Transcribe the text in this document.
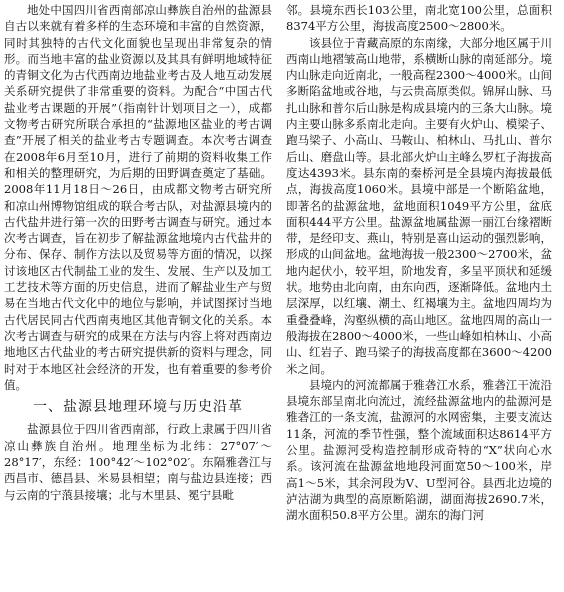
地处中国四川省西南部凉山彝族自治州的盐源县自古以来就有着多样的生态环境和丰富的自然资源，同时其独特的古代文化面貌也呈现出非常复杂的情形。而当地丰富的盐业资源以及其具有鲜明地域特征的青铜文化为古代西南边地盐业考古及人地互动发展关系研究提供了非常重要的资料。为配合“中国古代盐业考古课题的开展”（指南针计划项目之一），成都文物考古研究所联合承担的“盐源地区盐业的考古调查”开展了相关的盐业考古专题调查。本次考古调查在2008年6月至10月，进行了前期的资料收集工作和相关的整理研究，为后期的田野调查奠定了基础。2008年11月18日～26日，由成都文物考古研究所和凉山州博物馆组成的联合考古队，对盐源县境内的古代盐井进行第一次的田野考古调查与研究。通过本次考古调查，旨在初步了解盐源盆地境内古代盐井的分布、保存、制作方法以及贸易等方面的情况，以探讨该地区古代制盐工业的发生、发展、生产以及加工工艺技术等方面的历史信息，进而了解盐业生产与贸易在当地古代文化中的地位与影响，并试图探讨当地古代居民同古代西南夷地区其他青铜文化的关系。本次考古调查与研究的成果在方法与内容上将对西南边地地区古代盐业的考古研究提供新的资料与理念，同时对于本地区社会经济的开发，也有着重要的参考价值。

一、盐源县地理环境与历史沿革

盐源县位于四川省西南部，行政上隶属于四川省凉山彝族自治州。地理坐标为北纬：27°07′～28°17′，东经：100°42′～102°02′。东隔雅砻江与西昌市、德昌县、米易县相望；南与盐边县连接；西与云南的宁蒗县接壤；北与木里县、冕宁县毗

邻。县境东西长103公里，南北宽100公里，总面积8374平方公里，海拔高度2500～2800米。

该县位于青藏高原的东南缘，大部分地区属于川西南山地褶皱高山地带，系横断山脉的南延部分。境内山脉走向近南北，一般高程2300～4000米。山间多断陷盆地或谷地，与云贵高原类似。锦屏山脉、马扎山脉和普尔后山脉是构成县境内的三条大山脉。境内主要山脉多系南北走向。主要有火炉山、模梁子、跑马梁子、小高山、马鞍山、柏林山、马扎山、普尔后山、磨盘山等。县北部火炉山主峰么罗杠子海拔高度达4393米。县东南的秦桥河是全县境内海拔最低点，海拔高度1060米。县境中部是一个断陷盆地，即著名的盐源盆地，盆地面积1049平方公里，盆底面积444平方公里。盐源盆地属盐源一丽江台缘褶断带，是经印支、燕山，特别是喜山运动的强烈影响，形成的山间盆地。盆地海拔一般2300～2700米，盆地内起伏小，较平坦，阶地发育，多呈平顶状和延缓状。地势由北向南，由东向西，逐渐降低。盆地内土层深厚，以红壤、潮土、红褐壤为主。盆地四周均为重叠叠峰，沟壑纵横的高山地区。盆地四周的高山一般海拔在2800～4000米，一些山峰如柏林山、小高山、红岩子、跑马梁子的海拔高度都在3600～4200米之间。

县境内的河流都属于雅砻江水系，雅砻江干流沿县境东部呈南北向流过，流经盐源盆地内的盐源河是雅砻江的一条支流，盐源河的水网密集，主要支流达11条，河流的季节性强，整个流域面积达8614平方公里。盐源河受构造控制形成奇特的“X”状向心水系。该河流在盐源盆地地段河面宽50～100米，岸高1～5米，其余河段为V、U型河谷。县西北边境的泸沽湖为典型的高原断陷湖，湖面海拔2690.7米，湖水面积50.8平方公里。湖东的海门河
